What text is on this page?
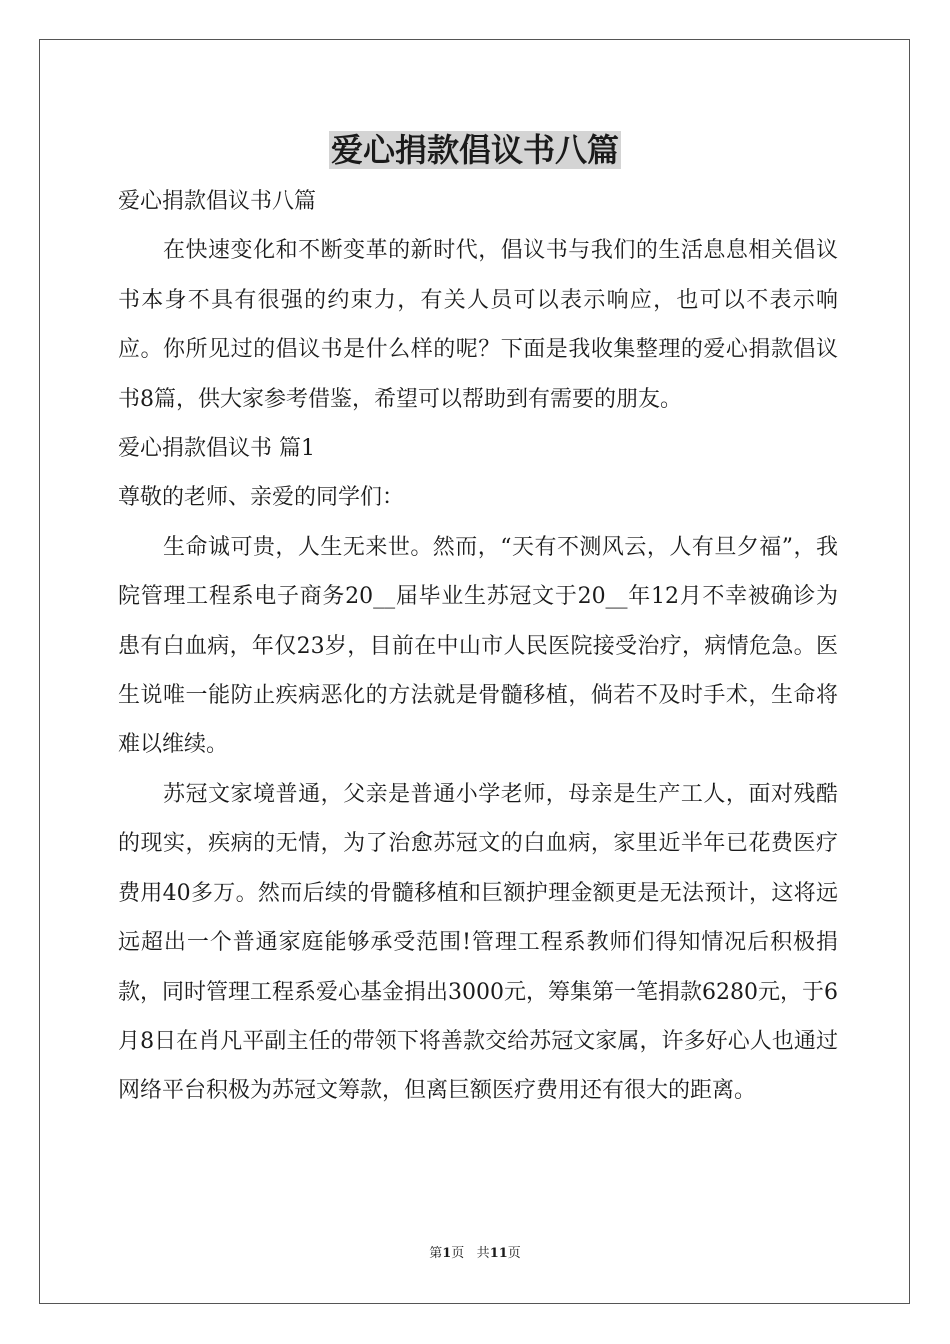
爱心捐款倡议书八篇

爱心捐款倡议书八篇

在快速变化和不断变革的新时代，倡议书与我们的生活息息相关倡议书本身不具有很强的约束力，有关人员可以表示响应，也可以不表示响应。你所见过的倡议书是什么样的呢？下面是我收集整理的爱心捐款倡议书8篇，供大家参考借鉴，希望可以帮助到有需要的朋友。

爱心捐款倡议书 篇1

尊敬的老师、亲爱的同学们：

生命诚可贵，人生无来世。然而，“天有不测风云，人有旦夕福”，我院管理工程系电子商务20__届毕业生苏冠文于20__年12月不幸被确诊为患有白血病，年仅23岁，目前在中山市人民医院接受治疗，病情危急。医生说唯一能防止疾病恶化的方法就是骨髓移植，倘若不及时手术，生命将难以维续。

苏冠文家境普通，父亲是普通小学老师，母亲是生产工人，面对残酷的现实，疾病的无情，为了治愈苏冠文的白血病，家里近半年已花费医疗费用40多万。然而后续的骨髓移植和巨额护理金额更是无法预计，这将远远超出一个普通家庭能够承受范围!管理工程系教师们得知情况后积极捐款，同时管理工程系爱心基金捐出3000元，筹集第一笔捐款6280元，于6月8日在肖凡平副主任的带领下将善款交给苏冠文家属，许多好心人也通过网络平台积极为苏冠文筹款，但离巨额医疗费用还有很大的距离。

第1页 共11页
